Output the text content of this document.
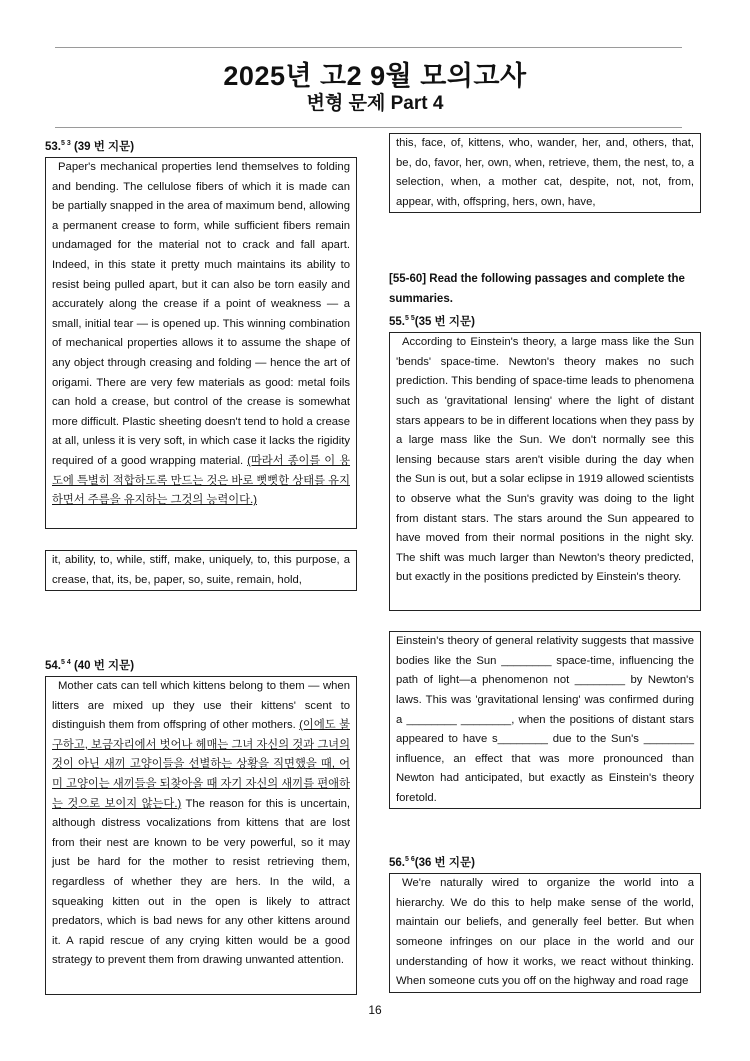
2025년 고2 9월 모의고사
변형 문제 Part 4

53.$^{5 3}$ (39 번 지문)

Paper's mechanical properties lend themselves to folding and bending. The cellulose fibers of which it is made can be partially snapped in the area of maximum bend, allowing a permanent crease to form, while sufficient fibers remain undamaged for the material not to crack and fall apart. Indeed, in this state it pretty much maintains its ability to resist being pulled apart, but it can also be torn easily and accurately along the crease if a point of weakness — a small, initial tear — is opened up. This winning combination of mechanical properties allows it to assume the shape of any object through creasing and folding — hence the art of origami. There are very few materials as good: metal foils can hold a crease, but control of the crease is somewhat more difficult. Plastic sheeting doesn't tend to hold a crease at all, unless it is very soft, in which case it lacks the rigidity required of a good wrapping material. (따라서 종이를 이 용도에 특별히 적합하도록 만드는 것은 바로 뻣뻣한 상태를 유지하면서 주름을 유지하는 그것의 능력이다.)

it, ability, to, while, stiff, make, uniquely, to, this purpose, a crease, that, its, be, paper, so, suite, remain, hold,

54.$^{5 4}$ (40 번 지문)

Mother cats can tell which kittens belong to them — when litters are mixed up they use their kittens' scent to distinguish them from offspring of other mothers. (이에도 불구하고, 보금자리에서 벗어나 헤매는 그녀 자신의 것과 그녀의 것이 아닌 새끼 고양이들을 선별하는 상황을 직면했을 때, 어미 고양이는 새끼들을 되찾아올 때 자기 자신의 새끼를 편애하는 것으로 보이지 않는다.) The reason for this is uncertain, although distress vocalizations from kittens that are lost from their nest are known to be very powerful, so it may just be hard for the mother to resist retrieving them, regardless of whether they are hers. In the wild, a squeaking kitten out in the open is likely to attract predators, which is bad news for any other kittens around it. A rapid rescue of any crying kitten would be a good strategy to prevent them from drawing unwanted attention.

this, face, of, kittens, who, wander, her, and, others, that, be, do, favor, her, own, when, retrieve, them, the nest, to, a selection, when, a mother cat, despite, not, not, from, appear, with, offspring, hers, own, have,

[55-60] Read the following passages and complete the summaries.

55.$^{5 5}$(35 번 지문)

According to Einstein's theory, a large mass like the Sun 'bends' space-time. Newton's theory makes no such prediction. This bending of space-time leads to phenomena such as 'gravitational lensing' where the light of distant stars appears to be in different locations when they pass by a large mass like the Sun. We don't normally see this lensing because stars aren't visible during the day when the Sun is out, but a solar eclipse in 1919 allowed scientists to observe what the Sun's gravity was doing to the light from distant stars. The stars around the Sun appeared to have moved from their normal positions in the night sky. The shift was much larger than Newton's theory predicted, but exactly in the positions predicted by Einstein's theory.

Einstein's theory of general relativity suggests that massive bodies like the Sun ________ space-time, influencing the path of light—a phenomenon not ________ by Newton's laws. This was 'gravitational lensing' was confirmed during a ________ ________, when the positions of distant stars appeared to have s________ due to the Sun's ________ influence, an effect that was more pronounced than Newton had anticipated, but exactly as Einstein's theory foretold.

56.$^{5 6}$(36 번 지문)

We're naturally wired to organize the world into a hierarchy. We do this to help make sense of the world, maintain our beliefs, and generally feel better. But when someone infringes on our place in the world and our understanding of how it works, we react without thinking. When someone cuts you off on the highway and road rage

16
